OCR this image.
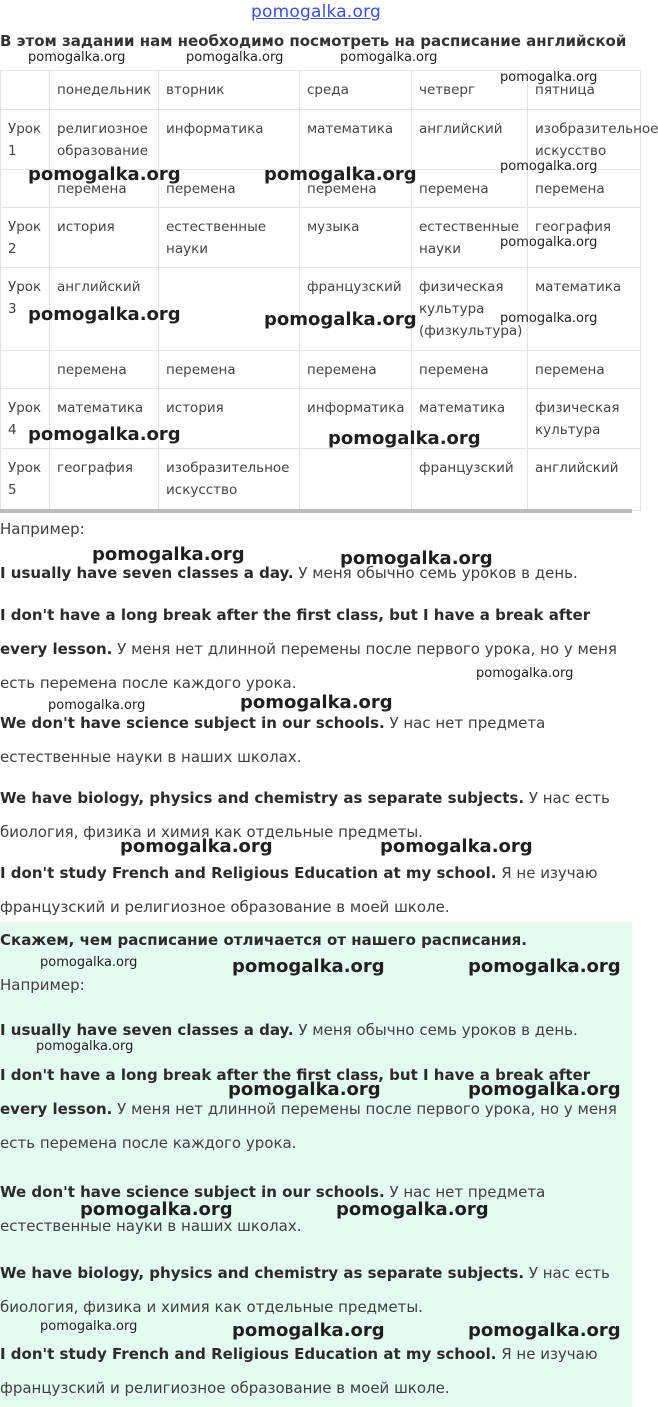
pomogalka.org
В этом задании нам необходимо посмотреть на расписание английской
	понедельник	вторник	среда	четверг	пятница
Урок 1	религиозное образование	информатика	математика	английский	изобразительное искусство
	перемена	перемена	перемена	перемена	перемена
Урок 2	история	естественные науки	музыка	естественные науки	география
Урок 3	английский		французский	физическая культура (физкультура)	математика
	перемена	перемена	перемена	перемена	перемена
Урок 4	математика	история	информатика	математика	физическая культура
Урок 5	география	изобразительное искусство		французский	английский
Например:
I usually have seven classes a day. У меня обычно семь уроков в день.
I don't have a long break after the first class, but I have a break after every lesson. У меня нет длинной перемены после первого урока, но у меня есть перемена после каждого урока.
We don't have science subject in our schools. У нас нет предмета естественные науки в наших школах.
We have biology, physics and chemistry as separate subjects. У нас есть биология, физика и химия как отдельные предметы.
I don't study French and Religious Education at my school. Я не изучаю французский и религиозное образование в моей школе.
Скажем, чем расписание отличается от нашего расписания.
Например:
I usually have seven classes a day. У меня обычно семь уроков в день.
I don't have a long break after the first class, but I have a break after every lesson. У меня нет длинной перемены после первого урока, но у меня есть перемена после каждого урока.
We don't have science subject in our schools. У нас нет предмета естественные науки в наших школах.
We have biology, physics and chemistry as separate subjects. У нас есть биология, физика и химия как отдельные предметы.
I don't study French and Religious Education at my school. Я не изучаю французский и религиозное образование в моей школе.
pomogalka.org	pomogalka.org	pomogalka.org
pomogalka.org
pomogalka.org
pomogalka.org	pomogalka.org
pomogalka.org
pomogalka.org	pomogalka.org	pomogalka.org
pomogalka.org	pomogalka.org
pomogalka.org	pomogalka.org
pomogalka.org
pomogalka.org
pomogalka.org
pomogalka.org	pomogalka.org
pomogalka.org	pomogalka.org	pomogalka.org
pomogalka.org
pomogalka.org	pomogalka.org
pomogalka.org	pomogalka.org
pomogalka.org	pomogalka.org	pomogalka.org
